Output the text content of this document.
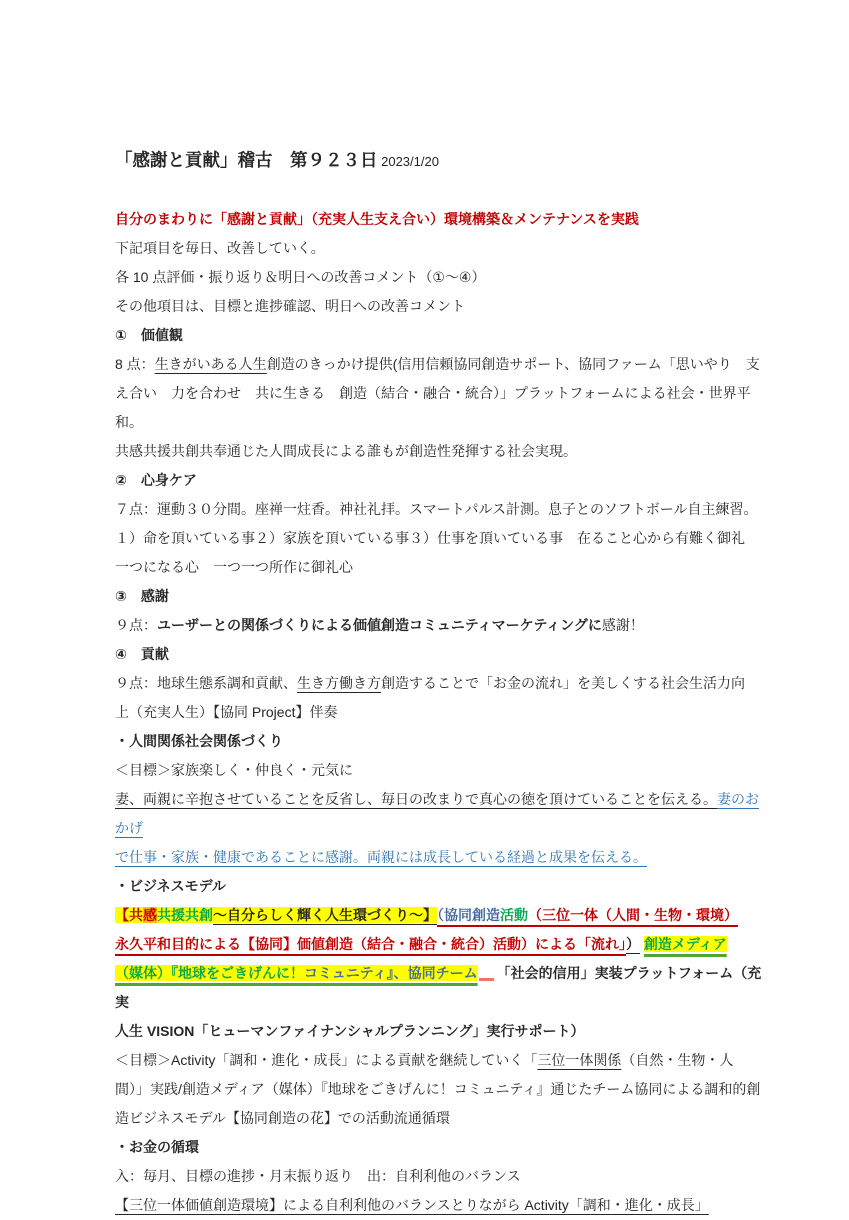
「感謝と貢献」稽古　第９２３日 2023/1/20

自分のまわりに「感謝と貢献」（充実人生支え合い）環境構築＆メンテナンスを実践

下記項目を毎日、改善していく。

各 10 点評価・振り返り＆明日への改善コメント（①～④）

その他項目は、目標と進捗確認、明日への改善コメント

①　価値観

8 点：生きがいある人生創造のきっかけ提供(信用信頼協同創造サポート、協同ファーム「思いやり　支

え合い　力を合わせ　共に生きる　創造（結合・融合・統合）」プラットフォームによる社会・世界平和。

共感共援共創共奉通じた人間成長による誰もが創造性発揮する社会実現。

②　心身ケア

７点：運動３０分間。座禅一炷香。神社礼拝。スマートパルス計測。息子とのソフトボール自主練習。

１）命を頂いている事２）家族を頂いている事３）仕事を頂いている事　在ること心から有難く御礼

一つになる心　一つ一つ所作に御礼心

③　感謝

９点：ユーザーとの関係づくりによる価値創造コミュニティマーケティングに感謝！

④　貢献

９点：地球生態系調和貢献、生き方働き方創造することで「お金の流れ」を美しくする社会生活力向

上（充実人生）【協同 Project】伴奏

・人間関係社会関係づくり

＜目標＞家族楽しく・仲良く・元気に

妻、両親に辛抱させていることを反省し、毎日の改まりで真心の徳を頂けていることを伝える。妻のおかげ

で仕事・家族・健康であることに感謝。両親には成長している経過と成果を伝える。

・ビジネスモデル

【共感共援共創～自分らしく輝く人生環づくり～】（協同創造活動（三位一体（人間・生物・環境）

永久平和目的による【協同】価値創造（結合・融合・統合）活動）による「流れ」） 創造メディア

（媒体）『地球をごきげんに！コミュニティ』、協同チーム 「社会的信用」実装プラットフォーム（充実

人生 VISION「ヒューマンファイナンシャルプランニング」実行サポート）

＜目標＞Activity「調和・進化・成長」による貢献を継続していく「三位一体関係（自然・生物・人

間）」実践/創造メディア（媒体）『地球をごきげんに！コミュニティ』通じたチーム協同による調和的創

造ビジネスモデル【協同創造の花】での活動流通循環

・お金の循環

入：毎月、目標の進捗・月末振り返り　出：自利利他のバランス

【三位一体価値創造環境】による自利利他のバランスとりながら Activity「調和・進化・成長」
